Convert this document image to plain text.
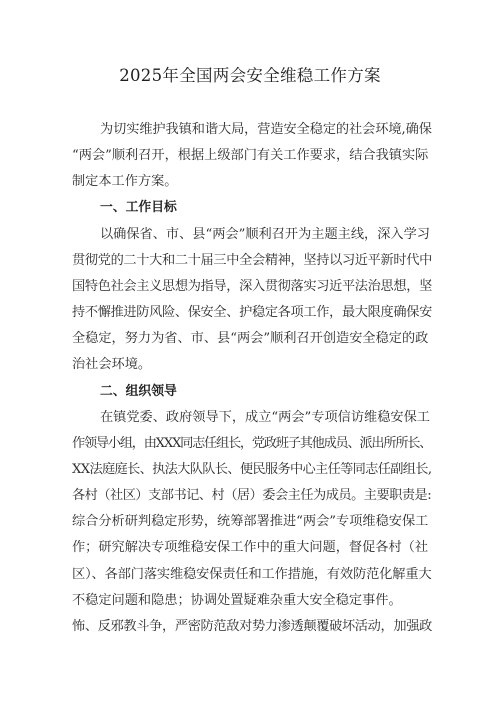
2025年全国两会安全维稳工作方案
为切实维护我镇和谐大局，营造安全稳定的社会环境,确保
“两会”顺利召开，根据上级部门有关工作要求，结合我镇实际
制定本工作方案。
一、工作目标
以确保省、市、县“两会”顺利召开为主题主线，深入学习
贯彻党的二十大和二十届三中全会精神，坚持以习近平新时代中
国特色社会主义思想为指导，深入贯彻落实习近平法治思想，坚
持不懈推进防风险、保安全、护稳定各项工作，最大限度确保安
全稳定，努力为省、市、县“两会”顺利召开创造安全稳定的政
治社会环境。
二、组织领导
在镇党委、政府领导下，成立“两会”专项信访维稳安保工
作领导小组，由XXX同志任组长，党政班子其他成员、派出所所长、
XX法庭庭长、执法大队队长、便民服务中心主任等同志任副组长,
各村（社区）支部书记、村（居）委会主任为成员。主要职责是:
综合分析研判稳定形势，统筹部署推进“两会”专项维稳安保工
作；研究解决专项维稳安保工作中的重大问题，督促各村（社
区）、各部门落实维稳安保责任和工作措施，有效防范化解重大
不稳定问题和隐患；协调处置疑难杂重大安全稳定事件。
怖、反邪教斗争，严密防范敌对势力渗透颠覆破坏活动，加强政
